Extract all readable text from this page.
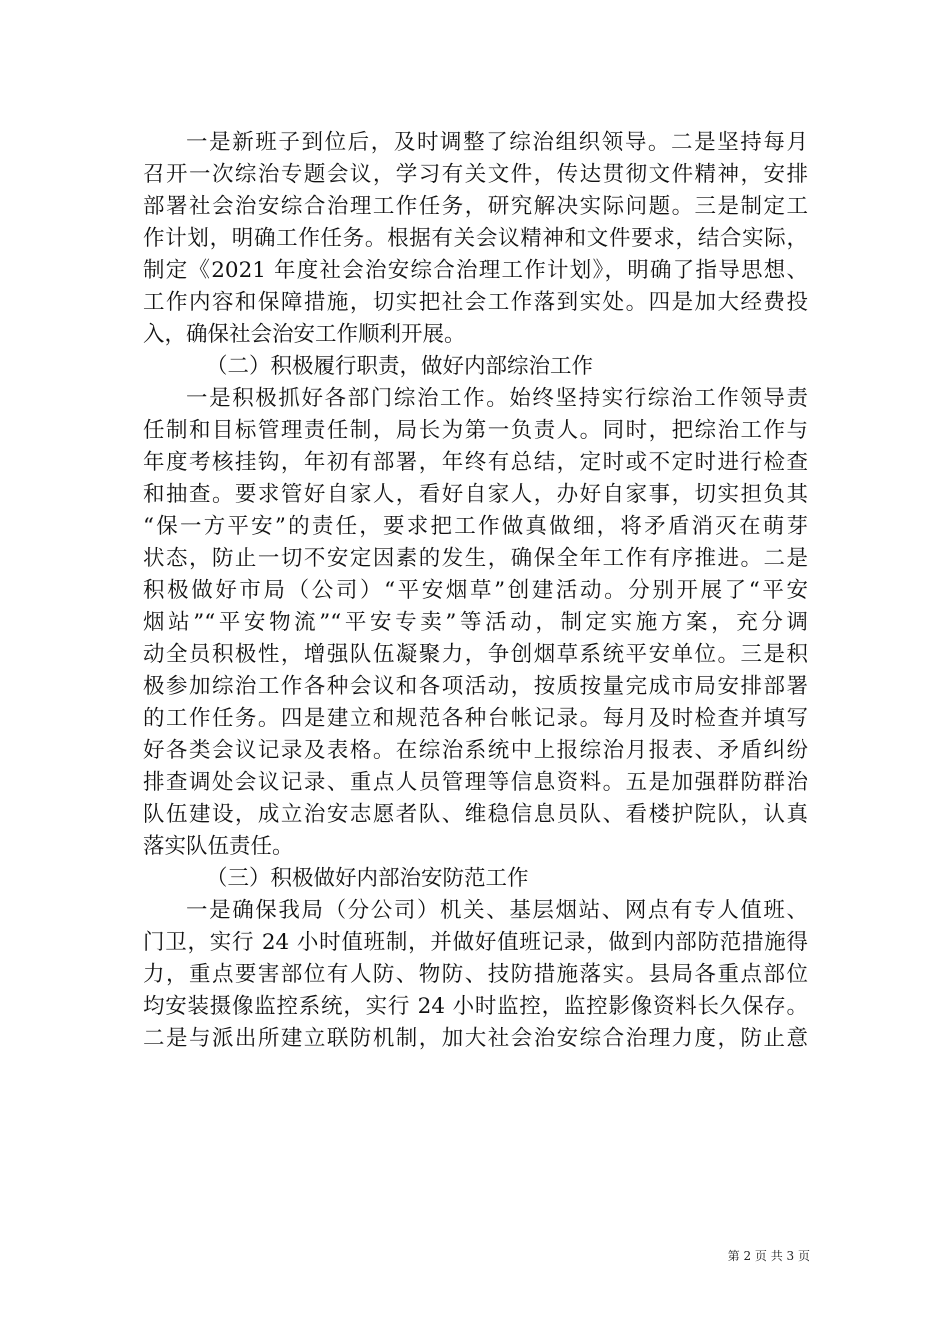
一是新班子到位后，及时调整了综治组织领导。二是坚持每月
召开一次综治专题会议，学习有关文件，传达贯彻文件精神，安排
部署社会治安综合治理工作任务，研究解决实际问题。三是制定工
作计划，明确工作任务。根据有关会议精神和文件要求，结合实际，
制定《2021 年度社会治安综合治理工作计划》，明确了指导思想、
工作内容和保障措施，切实把社会工作落到实处。四是加大经费投
入，确保社会治安工作顺利开展。
（二）积极履行职责，做好内部综治工作
一是积极抓好各部门综治工作。始终坚持实行综治工作领导责
任制和目标管理责任制，局长为第一负责人。同时，把综治工作与
年度考核挂钩，年初有部署，年终有总结，定时或不定时进行检查
和抽查。要求管好自家人，看好自家人，办好自家事，切实担负其
“保一方平安”的责任，要求把工作做真做细，将矛盾消灭在萌芽
状态，防止一切不安定因素的发生，确保全年工作有序推进。二是
积极做好市局（公司）“平安烟草”创建活动。分别开展了“平安
烟站”“平安物流”“平安专卖”等活动，制定实施方案，充分调
动全员积极性，增强队伍凝聚力，争创烟草系统平安单位。三是积
极参加综治工作各种会议和各项活动，按质按量完成市局安排部署
的工作任务。四是建立和规范各种台帐记录。每月及时检查并填写
好各类会议记录及表格。在综治系统中上报综治月报表、矛盾纠纷
排查调处会议记录、重点人员管理等信息资料。五是加强群防群治
队伍建设，成立治安志愿者队、维稳信息员队、看楼护院队，认真
落实队伍责任。
（三）积极做好内部治安防范工作
一是确保我局（分公司）机关、基层烟站、网点有专人值班、
门卫，实行 24 小时值班制，并做好值班记录，做到内部防范措施得
力，重点要害部位有人防、物防、技防措施落实。县局各重点部位
均安装摄像监控系统，实行 24 小时监控，监控影像资料长久保存。
二是与派出所建立联防机制，加大社会治安综合治理力度，防止意
第 2 页 共 3 页
